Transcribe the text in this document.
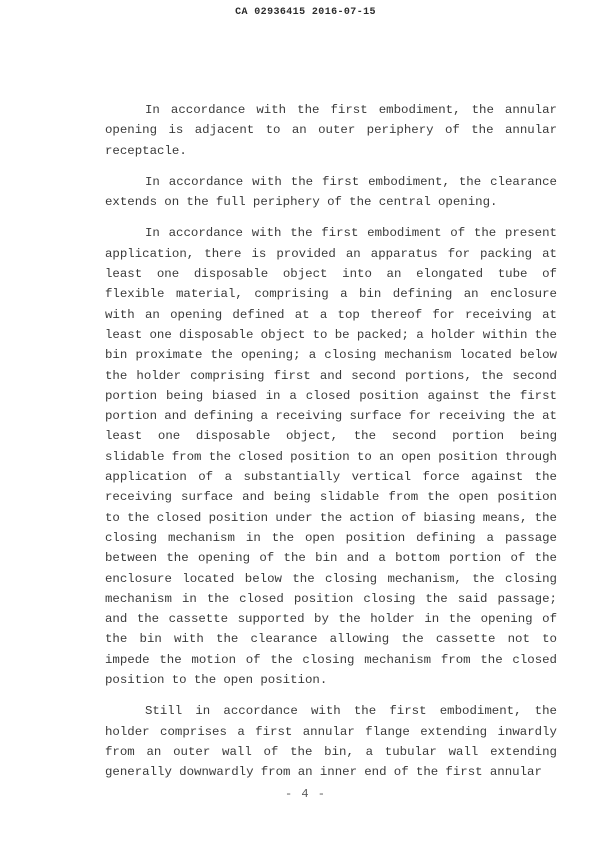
CA 02936415 2016-07-15

In accordance with the first embodiment, the annular opening is adjacent to an outer periphery of the annular receptacle.

In accordance with the first embodiment, the clearance extends on the full periphery of the central opening.

In accordance with the first embodiment of the present application, there is provided an apparatus for packing at least one disposable object into an elongated tube of flexible material, comprising a bin defining an enclosure with an opening defined at a top thereof for receiving at least one disposable object to be packed; a holder within the bin proximate the opening; a closing mechanism located below the holder comprising first and second portions, the second portion being biased in a closed position against the first portion and defining a receiving surface for receiving the at least one disposable object, the second portion being slidable from the closed position to an open position through application of a substantially vertical force against the receiving surface and being slidable from the open position to the closed position under the action of biasing means, the closing mechanism in the open position defining a passage between the opening of the bin and a bottom portion of the enclosure located below the closing mechanism, the closing mechanism in the closed position closing the said passage; and the cassette supported by the holder in the opening of the bin with the clearance allowing the cassette not to impede the motion of the closing mechanism from the closed position to the open position.

Still in accordance with the first embodiment, the holder comprises a first annular flange extending inwardly from an outer wall of the bin, a tubular wall extending generally downwardly from an inner end of the first annular

- 4 -
